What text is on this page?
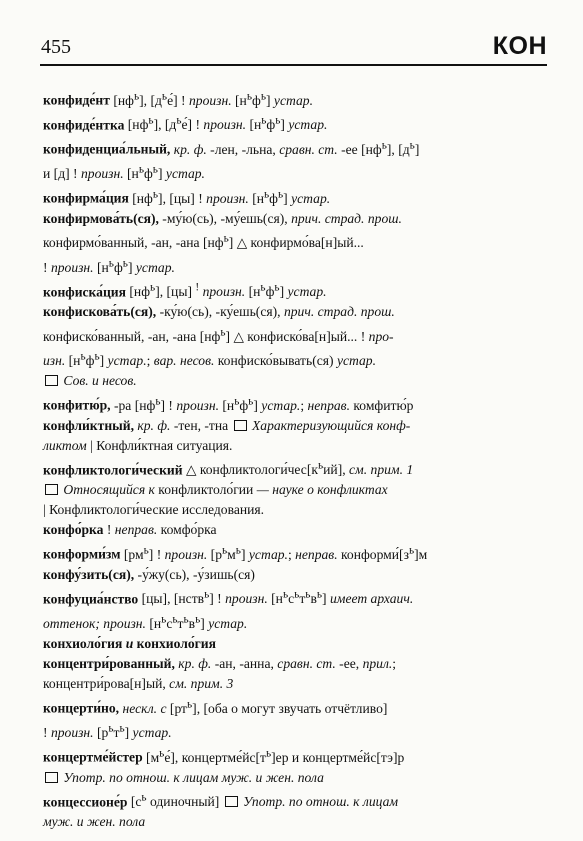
455	КОН
конфиде́нт $[нф^ь]$, $[д^ье́]$ ! произн. $[н^ьф^ь]$ устар.
конфиде́нтка $[нф^ь]$, $[д^ье́]$ ! произн. $[н^ьф^ь]$ устар.
конфиденциа́льный, кр. ф. -лен, -льна, сравн. ст. -ее $[нф^ь]$, $[д^ь]$
и [д] ! произн. $[н^ьф^ь]$ устар.
конфирма́ция $[нф^ь]$, [цы] ! произн. $[н^ьф^ь]$ устар.
конфирмова́ть(ся), -му́ю(сь), -му́ешь(ся), прич. страд. прош.
конфирмо́ванный, -ан, -ана $[нф^ь]$ △ конфирмо́ва[н]ый...
! произн. $[н^ьф^ь]$ устар.
конфиска́ция $[нф^ь]$, [цы] ! произн. $[н^ьф^ь]$ устар.
конфискова́ть(ся), -ку́ю(сь), -ку́ешь(ся), прич. страд. прош.
конфиско́ванный, -ан, -ана $[нф^ь]$ △ конфиско́ва[н]ый... ! про-
изн. $[н^ьф^ь]$ устар.; вар. несов. конфиско́вывать(ся) устар.
Сов. и несов.
конфитю́р, -ра $[нф^ь]$ ! произн. $[н^ьф^ь]$ устар.; неправ. комфитю́р
конфли́ктный, кр. ф. -тен, -тна  Характеризующийся конф-
ликтом | Конфли́ктная ситуация.
конфликтологи́ческий △ $конфликтологи́чес[к^ьий]$, см. прим. 1
Относящийся к конфликтоло́гии — науке о конфликтах
| Конфликтологи́ческие исследования.
конфо́рка ! неправ. комфо́рка
конформи́зм $[рм^ь]$ ! произн. $[р^ьм^ь]$ устар.; неправ. $конформи́[з^ь]м$
конфу́зить(ся), -у́жу(сь), -у́зишь(ся)
конфуциа́нство [цы], [нств$^ь$] ! произн. $[н^ьс^ьт^ьв^ь]$ имеет архаич.
оттенок; произн. $[н^ьс^ьт^ьв^ь]$ устар.
конхиоло́гия и конхиоло́гия
концентри́рованный, кр. ф. -ан, -анна, сравн. ст. -ее, прил.;
концентри́рова[н]ый, см. прим. 3
концерти́но, нескл. с $[рт^ь]$, [оба о могут звучать отчётливо]
! произн. $[р^ьт^ь]$ устар.
концертме́йстер $[м^ье́]$, $концертме́йс[т^ь]ер$ и концертме́йс[тэ]р
Употр. по отнош. к лицам муж. и жен. пола
концессионе́р [$с^ь$ одиночный]  Употр. по отнош. к лицам
муж. и жен. пола
